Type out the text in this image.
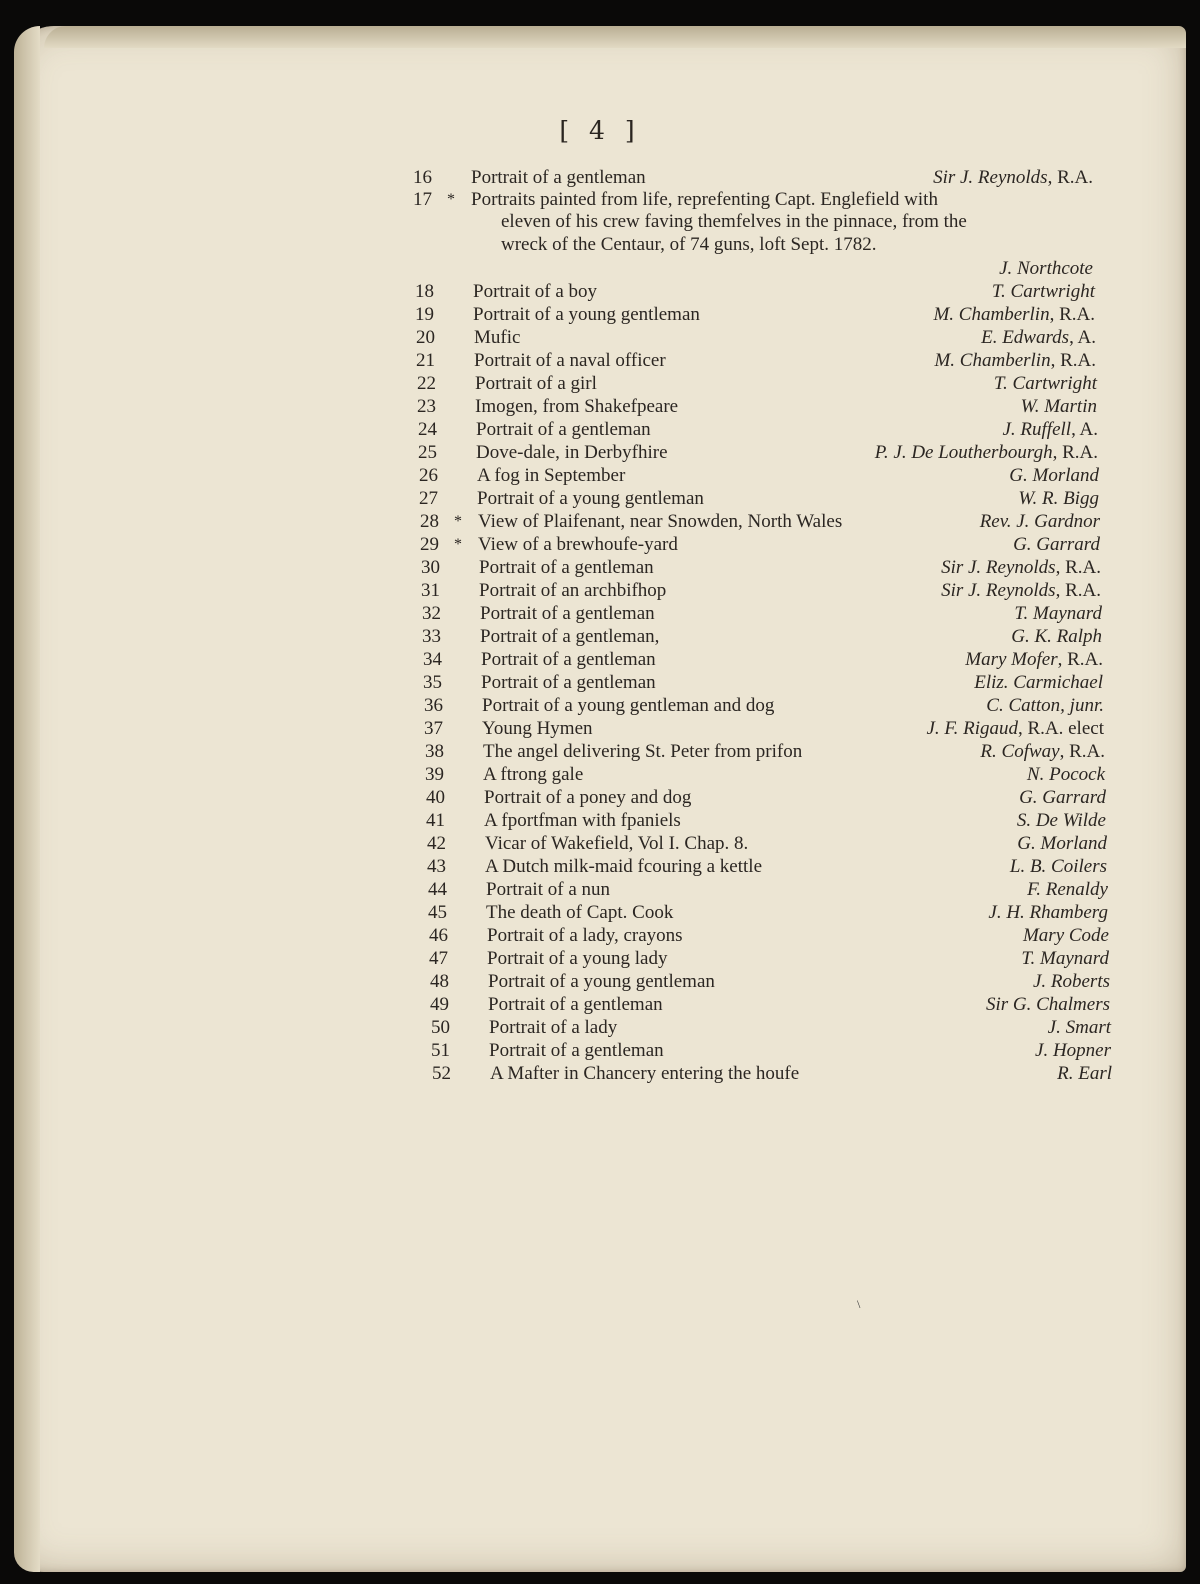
[ 4 ]
16	Portrait of a gentleman	Sir J. Reynolds, R.A.
17 * Portraits painted from life, reprefenting Capt. Englefield with
eleven of his crew faving themfelves in the pinnace, from the
wreck of the Centaur, of 74 guns, loft Sept. 1782.
J. Northcote
18	Portrait of a boy	T. Cartwright
19	Portrait of a young gentleman	M. Chamberlin, R.A.
20	Mufic	E. Edwards, A.
21	Portrait of a naval officer	M. Chamberlin, R.A.
22	Portrait of a girl	T. Cartwright
23	Imogen, from Shakefpeare	W. Martin
24	Portrait of a gentleman	J. Ruffell, A.
25	Dove-dale, in Derbyfhire	P. J. De Loutherbourgh, R.A.
26	A fog in September	G. Morland
27	Portrait of a young gentleman	W. R. Bigg
28 * View of Plaifenant, near Snowden, North Wales	Rev. J. Gardnor
29 * View of a brewhoufe-yard	G. Garrard
30	Portrait of a gentleman	Sir J. Reynolds, R.A.
31	Portrait of an archbifhop	Sir J. Reynolds, R.A.
32	Portrait of a gentleman	T. Maynard
33	Portrait of a gentleman,	G. K. Ralph
34	Portrait of a gentleman	Mary Mofer, R.A.
35	Portrait of a gentleman	Eliz. Carmichael
36	Portrait of a young gentleman and dog	C. Catton, junr.
37	Young Hymen	J. F. Rigaud, R.A. elect
38	The angel delivering St. Peter from prifon	R. Cofway, R.A.
39	A ftrong gale	N. Pocock
40	Portrait of a poney and dog	G. Garrard
41	A fportfman with fpaniels	S. De Wilde
42	Vicar of Wakefield, Vol I. Chap. 8.	G. Morland
43	A Dutch milk-maid fcouring a kettle	L. B. Coilers
44	Portrait of a nun	F. Renaldy
45	The death of Capt. Cook	J. H. Rhamberg
46	Portrait of a lady, crayons	Mary Code
47	Portrait of a young lady	T. Maynard
48	Portrait of a young gentleman	J. Roberts
49	Portrait of a gentleman	Sir G. Chalmers
50	Portrait of a lady	J. Smart
51	Portrait of a gentleman	J. Hopner
52	A Mafter in Chancery entering the houfe	R. Earl
\
